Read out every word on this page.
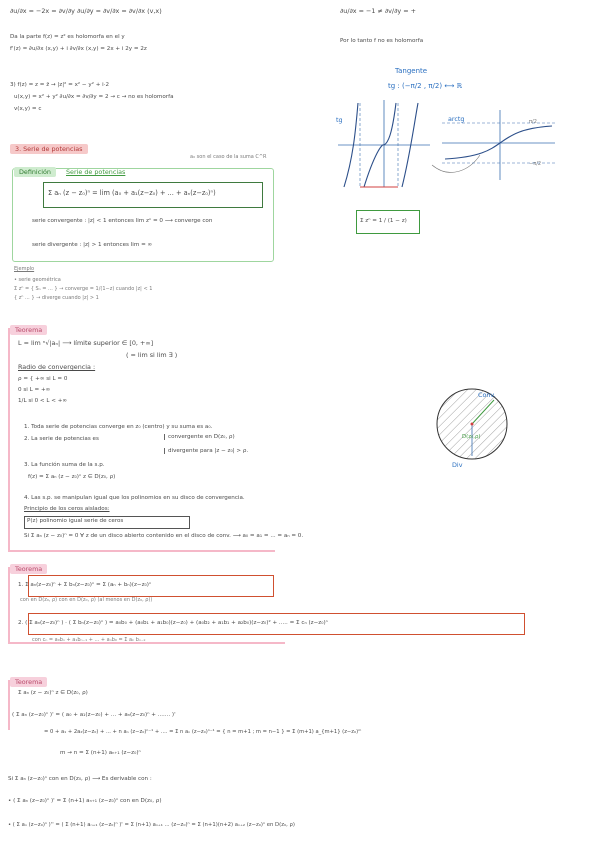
∂u/∂x = −2x = ∂v/∂y ∂u/∂y = ∂v/∂x = ∂v/∂x (v,x)	∂u/∂x = −1 ≠ ∂v/∂y = +
Da la parte f(z) = z² es holomorfa en el y
Por lo tanto f no es holomorfa
f'(z) = ∂u/∂x (x,y) + i ∂v/∂x (x,y) = 2x + i 2y = 2z
3) f(z) = z = z̄ → |z|² = x² − y² + i·2
u(x,y) = x² + y² ∂u/∂x = ∂v/∂y = 2 → c → no es holomorfa
v(x,y) = c
Tangente
tg : (−π/2 , π/2) ⟷ ℝ
tg	arctg	π/2
−π/2
3. Serie de potencias
a₀ son el caso de la suma C^R
Definición	Serie de potencias
Σ aₙ (z − z₀)ⁿ = lim (a₀ + a₁(z−z₀) + ... + aₙ(z−z₀)ⁿ)
serie convergente : |z| < 1 entonces lim zⁿ = 0 ⟶ converge con	Σ zⁿ = 1 / (1 − z)
serie divergente : |z| > 1 entonces lim = ∞
Ejemplo
• serie geométrica
Σ zⁿ = { Sₙ = ... } → converge = 1/(1−z) cuando |z| < 1
{ zⁿ ... } → diverge cuando |z| > 1
Teorema
L = lim ⁿ√|aₙ| ⟶ límite superior ∈ [0, +∞]
( = lim si lim ∃ )
Radio de convergencia :
ρ = { +∞ si L = 0
0 si L = +∞
1/L si 0 < L < +∞
1. Toda serie de potencias converge en z₀ (centro) y su suma es a₀.
2. La serie de potencias es	convergente en D(z₀, ρ)
divergente para |z − z₀| > ρ.
3. La función suma de la s.p.
f(z) = Σ aₙ (z − z₀)ⁿ z ∈ D(z₀, ρ)
4. Las s.p. se manipulan igual que los polinomios en su disco de convergencia.
Principio de los ceros aislados:
P(z) polinomio igual serie de ceros
Si Σ aₙ (z − z₀)ⁿ = 0 ∀ z de un disco abierto contenido en el disco de conv. ⟶ a₀ = a₁ = ... = aₙ = 0.
Conv.
D(z₀,ρ)
Div
Teorema
1. Σ aₙ(z−z₀)ⁿ + Σ bₙ(z−z₀)ⁿ = Σ (aₙ + bₙ)(z−z₀)ⁿ
con en D(z₀, ρ) con en D(z₀, ρ) (al menos en D(z₀, ρ))
2. ( Σ aₙ(z−z₀)ⁿ ) · ( Σ bₙ(z−z₀)ⁿ ) = a₀b₀ + (a₀b₁ + a₁b₀)(z−z₀) + (a₀b₂ + a₁b₁ + a₂b₀)(z−z₀)² + ..... = Σ cₙ (z−z₀)ⁿ
con cₙ = a₀bₙ + a₁bₙ₋₁ + ... + aₙb₀ = Σ aₖ bₙ₋ₖ
Teorema
Σ aₙ (z − z₀)ⁿ z ∈ D(z₀, ρ)
( Σ aₙ (z−z₀)ⁿ )' = ( a₀ + a₁(z−z₀) + ... + aₙ(z−z₀)ⁿ + ....... )'
= 0 + a₁ + 2a₂(z−z₀) + ... + n aₙ (z−z₀)ⁿ⁻¹ + .... = Σ n aₙ (z−z₀)ⁿ⁻¹ = { n = m+1 ; m = n−1 } = Σ (m+1) a_{m+1} (z−z₀)ᵐ
m → n = Σ (n+1) aₙ₊₁ (z−z₀)ⁿ
Si Σ aₙ (z−z₀)ⁿ con en D(z₀, ρ) ⟶ Es derivable con :
• ( Σ aₙ (z−z₀)ⁿ )' = Σ (n+1) aₙ₊₁ (z−z₀)ⁿ con en D(z₀, ρ)
• ( Σ aₙ (z−z₀)ⁿ )'' = ( Σ (n+1) aₙ₊₁ (z−z₀)ⁿ )' = Σ (n+1) aₙ₊₁ ... (z−z₀)ⁿ = Σ (n+1)(n+2) aₙ₊₂ (z−z₀)ⁿ en D(z₀, ρ)
